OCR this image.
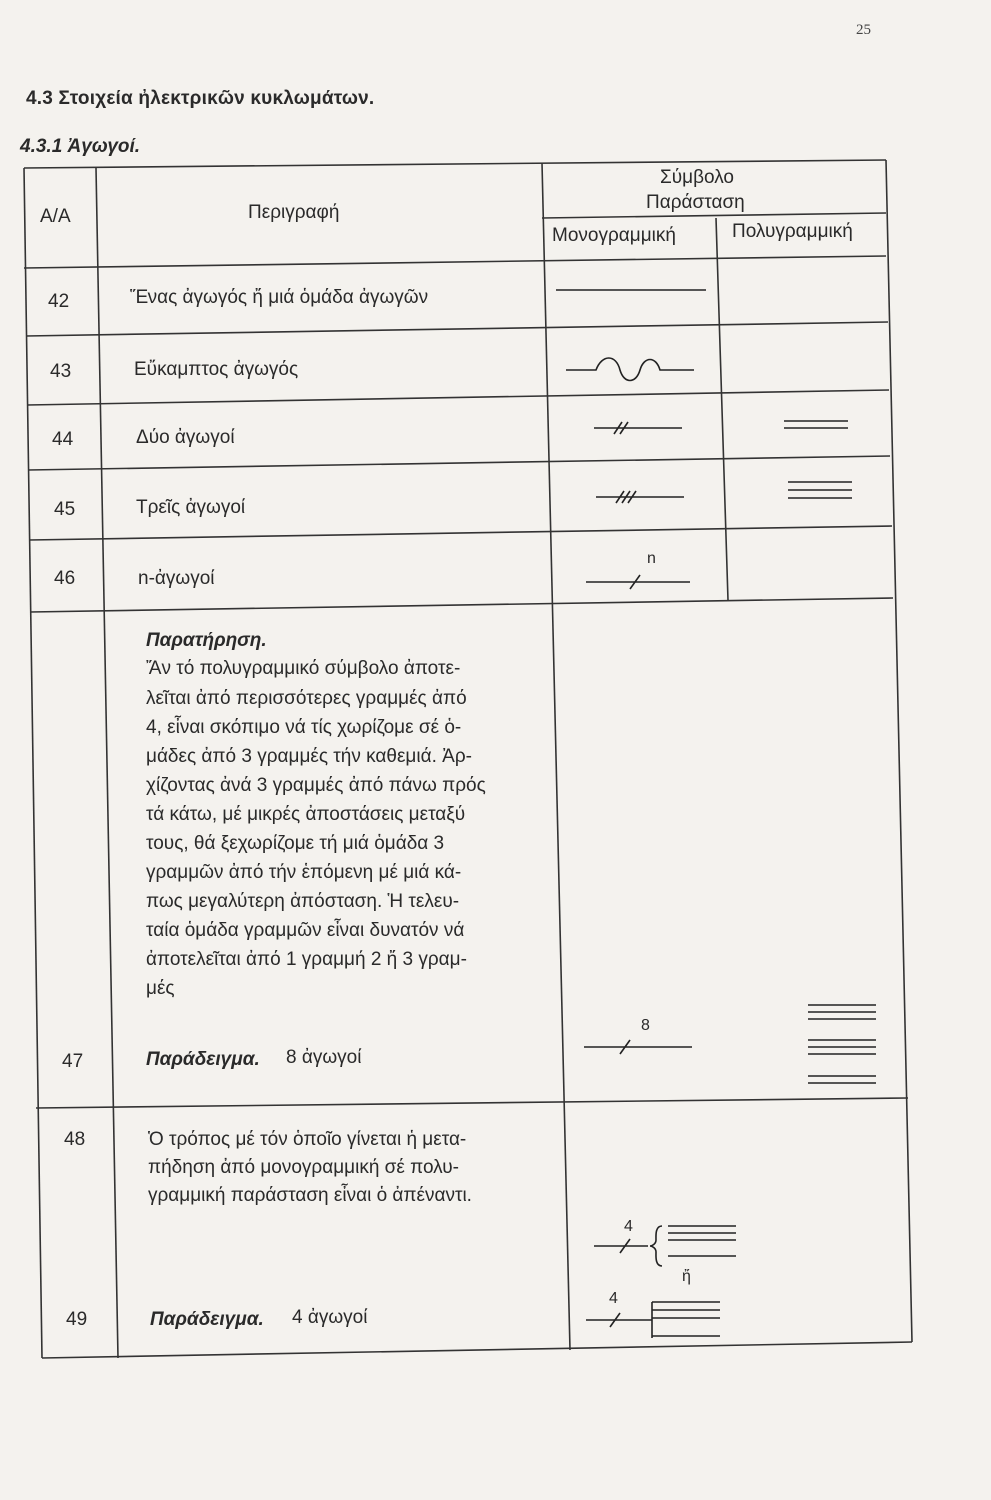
25
4.3 Στοιχεία ἠλεκτρικῶν κυκλωμάτων.
4.3.1 Ἀγωγοί.
Α/Α	Περιγραφή
Σύμβολο
Παράσταση
Μονογραμμική	Πολυγραμμική
42	Ἕνας ἀγωγός ἤ μιά ὁμάδα ἀγωγῶν
43	Εὔκαμπτος ἀγωγός
44	Δύο ἀγωγοί
45	Τρεῖς ἀγωγοί
46	n-ἀγωγοί
n
Παρατήρηση.
Ἄν τό πολυγραμμικό σύμβολο ἀποτε-
λεῖται ἀπό περισσότερες γραμμές ἀπό
4, εἶναι σκόπιμο νά τίς χωρίζομε σέ ὁ-
μάδες ἀπό 3 γραμμές τήν καθεμιά. Ἀρ-
χίζοντας ἀνά 3 γραμμές ἀπό πάνω πρός
τά κάτω, μέ μικρές ἀποστάσεις μεταξύ
τους, θά ξεχωρίζομε τή μιά ὁμάδα 3
γραμμῶν ἀπό τήν ἑπόμενη μέ μιά κά-
πως μεγαλύτερη ἀπόσταση. Ἡ τελευ-
ταία ὁμάδα γραμμῶν εἶναι δυνατόν νά
ἀποτελεῖται ἀπό 1 γραμμή 2 ἤ 3 γραμ-
μές
47	Παράδειγμα. 8 ἀγωγοί
8
48	Ὁ τρόπος μέ τόν ὁποῖο γίνεται ἡ μετα-
πήδηση ἀπό μονογραμμική σέ πολυ-
γραμμική παράσταση εἶναι ὁ ἀπέναντι.
4
ἤ
49	Παράδειγμα. 4 ἀγωγοί
4
